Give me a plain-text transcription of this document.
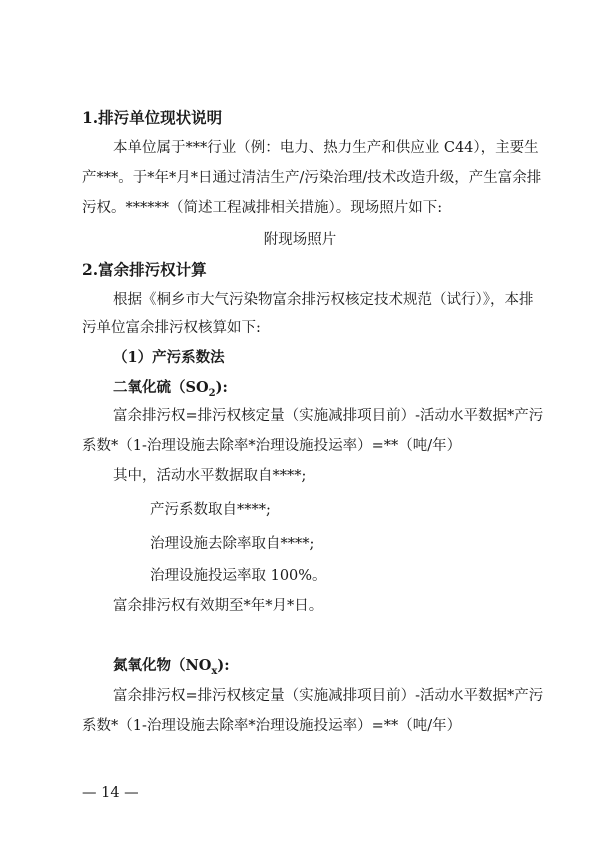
1.排污单位现状说明
本单位属于***行业（例：电力、热力生产和供应业 C44），主要生
产***。于*年*月*日通过清洁生产/污染治理/技术改造升级，产生富余排
污权。******（简述工程减排相关措施）。现场照片如下:
附现场照片
2.富余排污权计算
根据《桐乡市大气污染物富余排污权核定技术规范（试行）》，本排
污单位富余排污权核算如下:
（1）产污系数法
二氧化硫$(SO_2)$:
富余排污权=排污权核定量（实施减排项目前）-活动水平数据*产污
系数*（1-治理设施去除率*治理设施投运率）=**（吨/年）
其中，活动水平数据取自****;
产污系数取自****;
治理设施去除率取自****;
治理设施投运率取 100%。
富余排污权有效期至*年*月*日。
氮氧化物$(NO_x)$:
富余排污权=排污权核定量（实施减排项目前）-活动水平数据*产污
系数*（1-治理设施去除率*治理设施投运率）=**（吨/年）
— 14 —
